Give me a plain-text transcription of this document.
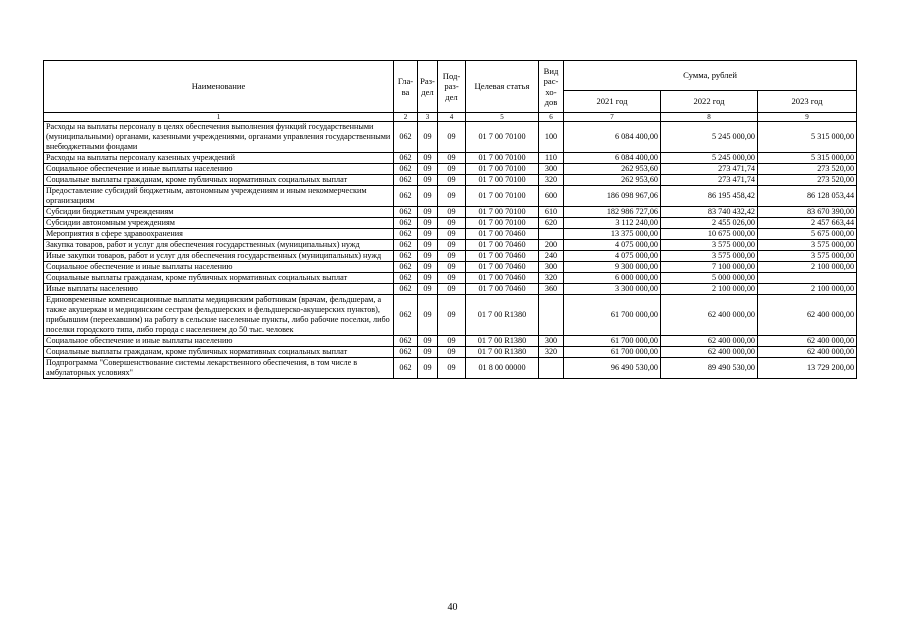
Наименование	Гла-ва	Раз-дел	Под-раз-дел	Целевая статья	Вид рас-хо-дов	Сумма, рублей		
						2021 год	2022 год	2023 год
1	2	3	4	5	6	7	8	9
Расходы на выплаты персоналу в целях обеспечения выполнения функций государственными (муниципальными) органами, казенными учреждениями, органами управления государственными внебюджетными фондами	062	09	09	01 7 00 70100	100	6 084 400,00	5 245 000,00	5 315 000,00
Расходы на выплаты персоналу казенных учреждений	062	09	09	01 7 00 70100	110	6 084 400,00	5 245 000,00	5 315 000,00
Социальное обеспечение и иные выплаты населению	062	09	09	01 7 00 70100	300	262 953,60	273 471,74	273 520,00
Социальные выплаты гражданам, кроме публичных нормативных социальных выплат	062	09	09	01 7 00 70100	320	262 953,60	273 471,74	273 520,00
Предоставление субсидий бюджетным, автономным учреждениям и иным некоммерческим организациям	062	09	09	01 7 00 70100	600	186 098 967,06	86 195 458,42	86 128 053,44
Субсидии бюджетным учреждениям	062	09	09	01 7 00 70100	610	182 986 727,06	83 740 432,42	83 670 390,00
Субсидии автономным учреждениям	062	09	09	01 7 00 70100	620	3 112 240,00	2 455 026,00	2 457 663,44
Мероприятия в сфере здравоохранения	062	09	09	01 7 00 70460		13 375 000,00	10 675 000,00	5 675 000,00
Закупка товаров, работ и услуг для обеспечения государственных (муниципальных) нужд	062	09	09	01 7 00 70460	200	4 075 000,00	3 575 000,00	3 575 000,00
Иные закупки товаров, работ и услуг для обеспечения государственных (муниципальных) нужд	062	09	09	01 7 00 70460	240	4 075 000,00	3 575 000,00	3 575 000,00
Социальное обеспечение и иные выплаты населению	062	09	09	01 7 00 70460	300	9 300 000,00	7 100 000,00	2 100 000,00
Социальные выплаты гражданам, кроме публичных нормативных социальных выплат	062	09	09	01 7 00 70460	320	6 000 000,00	5 000 000,00	
Иные выплаты населению	062	09	09	01 7 00 70460	360	3 300 000,00	2 100 000,00	2 100 000,00
Единовременные компенсационные выплаты медицинским работникам (врачам, фельдшерам, а также акушеркам и медицинским сестрам фельдшерских и фельдшерско-акушерских пунктов), прибывшим (переехавшим) на работу в сельские населенные пункты, либо рабочие поселки, либо поселки городского типа, либо города с населением до 50 тыс. человек	062	09	09	01 7 00 R1380		61 700 000,00	62 400 000,00	62 400 000,00
Социальное обеспечение и иные выплаты населению	062	09	09	01 7 00 R1380	300	61 700 000,00	62 400 000,00	62 400 000,00
Социальные выплаты гражданам, кроме публичных нормативных социальных выплат	062	09	09	01 7 00 R1380	320	61 700 000,00	62 400 000,00	62 400 000,00
Подпрограмма "Совершенствование системы лекарственного обеспечения, в том числе в амбулаторных условиях"	062	09	09	01 8 00 00000		96 490 530,00	89 490 530,00	13 729 200,00
40
